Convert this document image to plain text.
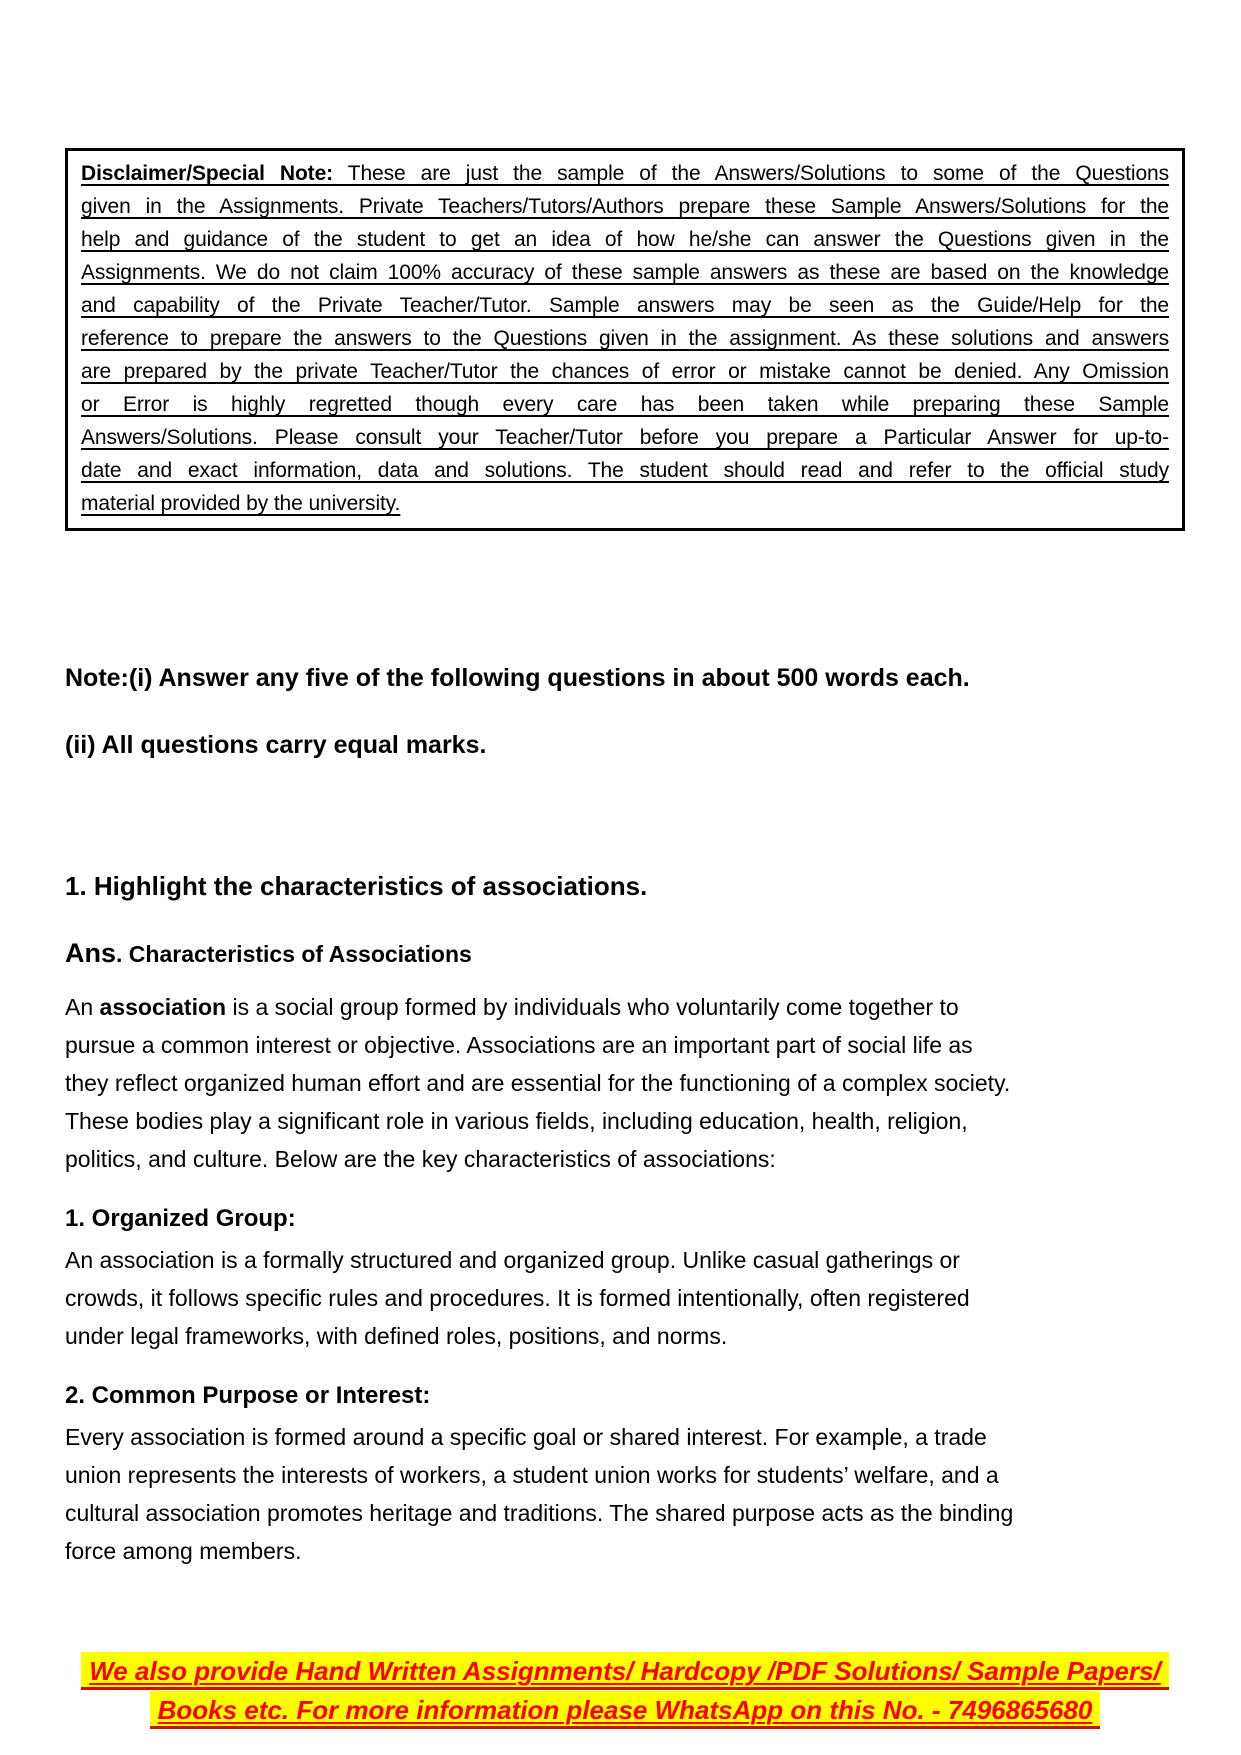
Disclaimer/Special Note: These are just the sample of the Answers/Solutions to some of the Questions
given in the Assignments. Private Teachers/Tutors/Authors prepare these Sample Answers/Solutions for the
help and guidance of the student to get an idea of how he/she can answer the Questions given in the
Assignments. We do not claim 100% accuracy of these sample answers as these are based on the knowledge
and capability of the Private Teacher/Tutor. Sample answers may be seen as the Guide/Help for the
reference to prepare the answers to the Questions given in the assignment. As these solutions and answers
are prepared by the private Teacher/Tutor the chances of error or mistake cannot be denied. Any Omission
or Error is highly regretted though every care has been taken while preparing these Sample
Answers/Solutions. Please consult your Teacher/Tutor before you prepare a Particular Answer for up-to-
date and exact information, data and solutions. The student should read and refer to the official study
material provided by the university.
Note:(i) Answer any five of the following questions in about 500 words each.
(ii) All questions carry equal marks.
1. Highlight the characteristics of associations.
Ans. Characteristics of Associations
An association is a social group formed by individuals who voluntarily come together to
pursue a common interest or objective. Associations are an important part of social life as
they reflect organized human effort and are essential for the functioning of a complex society.
These bodies play a significant role in various fields, including education, health, religion,
politics, and culture. Below are the key characteristics of associations:
1. Organized Group:
An association is a formally structured and organized group. Unlike casual gatherings or
crowds, it follows specific rules and procedures. It is formed intentionally, often registered
under legal frameworks, with defined roles, positions, and norms.
2. Common Purpose or Interest:
Every association is formed around a specific goal or shared interest. For example, a trade
union represents the interests of workers, a student union works for students’ welfare, and a
cultural association promotes heritage and traditions. The shared purpose acts as the binding
force among members.
We also provide Hand Written Assignments/ Hardcopy /PDF Solutions/ Sample Papers/
Books etc. For more information please WhatsApp on this No. - 7496865680
